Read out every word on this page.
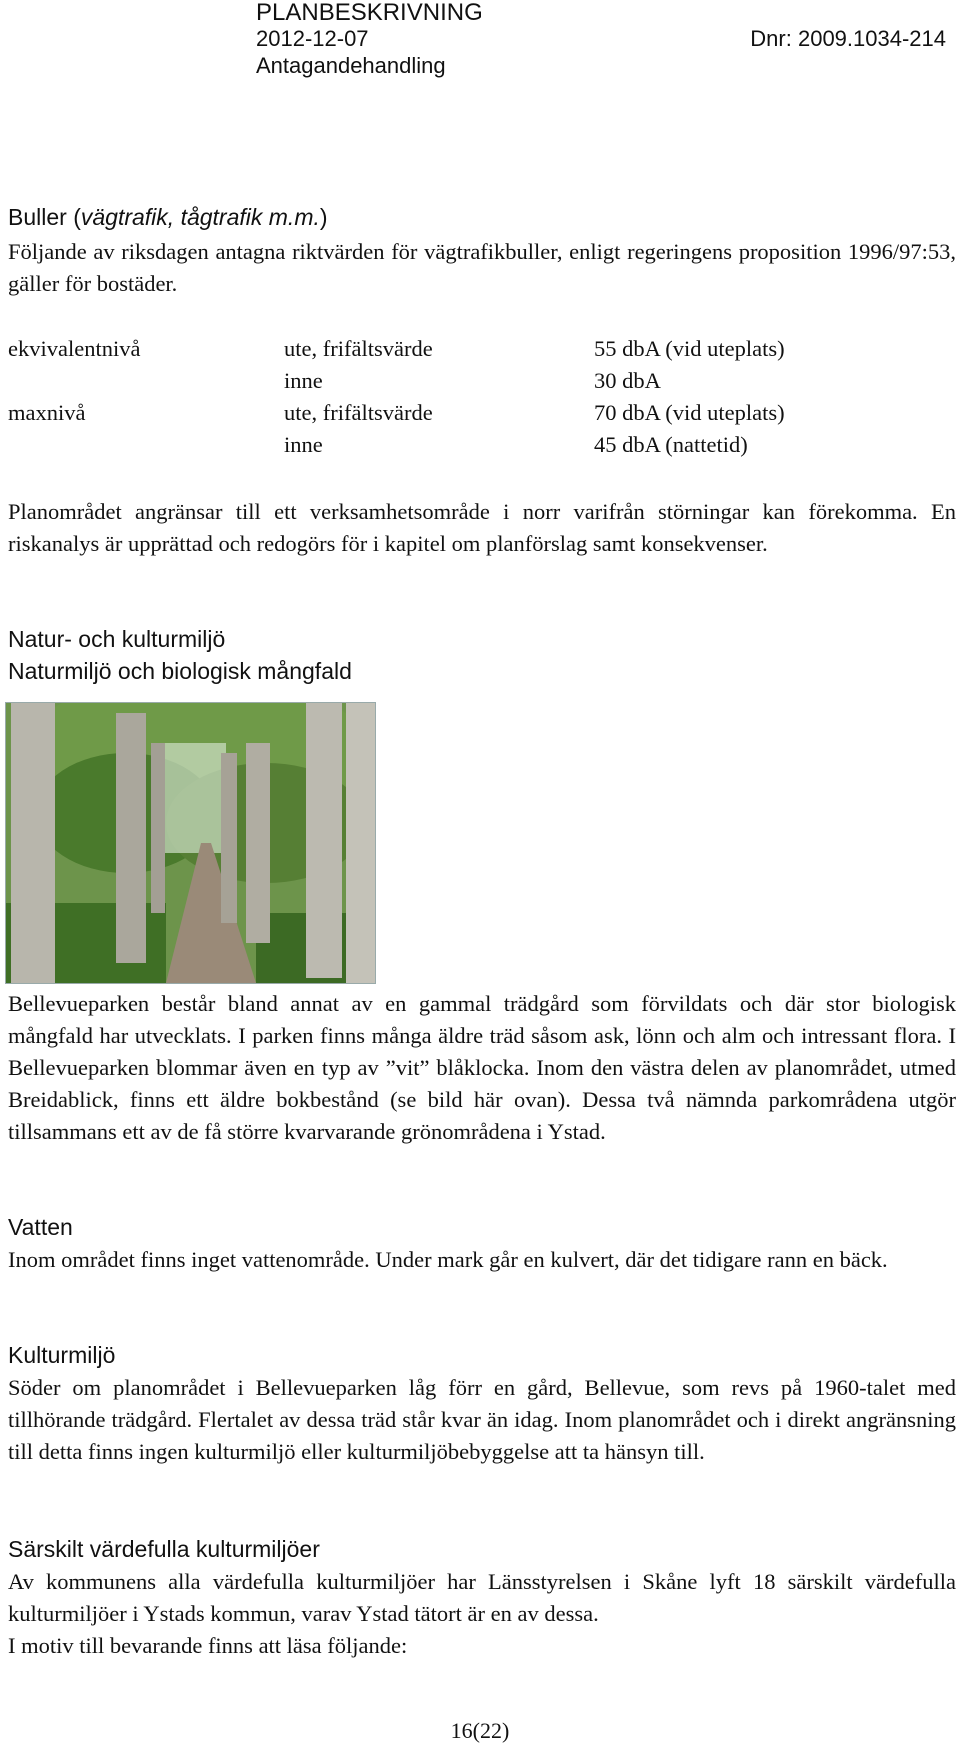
PLANBESKRIVNING
2012-12-07	Dnr: 2009.1034-214
Antagandehandling
Buller (vägtrafik, tågtrafik m.m.)

Följande av riksdagen antagna riktvärden för vägtrafikbuller, enligt regeringens proposition 1996/97:53, gäller för bostäder.

ekvivalentnivå	ute, frifältsvärde	55 dbA (vid uteplats)
	inne	30 dbA
maxnivå	ute, frifältsvärde	70 dbA (vid uteplats)
	inne	45 dbA (nattetid)

Planområdet angränsar till ett verksamhetsområde i norr varifrån störningar kan förekomma. En riskanalys är upprättad och redogörs för i kapitel om planförslag samt konsekvenser.

Natur- och kulturmiljö

Naturmiljö och biologisk mångfald

Bellevueparken består bland annat av en gammal trädgård som förvildats och där stor biologisk mångfald har utvecklats. I parken finns många äldre träd såsom ask, lönn och alm och intressant flora. I Bellevueparken blommar även en typ av ”vit” blåklocka. Inom den västra delen av planområdet, utmed Breidablick, finns ett äldre bokbestånd (se bild här ovan). Dessa två nämnda parkområdena utgör tillsammans ett av de få större kvarvarande grönområdena i Ystad.

Vatten

Inom området finns inget vattenområde. Under mark går en kulvert, där det tidigare rann en bäck.

Kulturmiljö

Söder om planområdet i Bellevueparken låg förr en gård, Bellevue, som revs på 1960-talet med tillhörande trädgård. Flertalet av dessa träd står kvar än idag. Inom planområdet och i direkt angränsning till detta finns ingen kulturmiljö eller kulturmiljöbebyggelse att ta hänsyn till.

Särskilt värdefulla kulturmiljöer

Av kommunens alla värdefulla kulturmiljöer har Länsstyrelsen i Skåne lyft 18 särskilt värdefulla kulturmiljöer i Ystads kommun, varav Ystad tätort är en av dessa.

I motiv till bevarande finns att läsa följande:

16(22)
